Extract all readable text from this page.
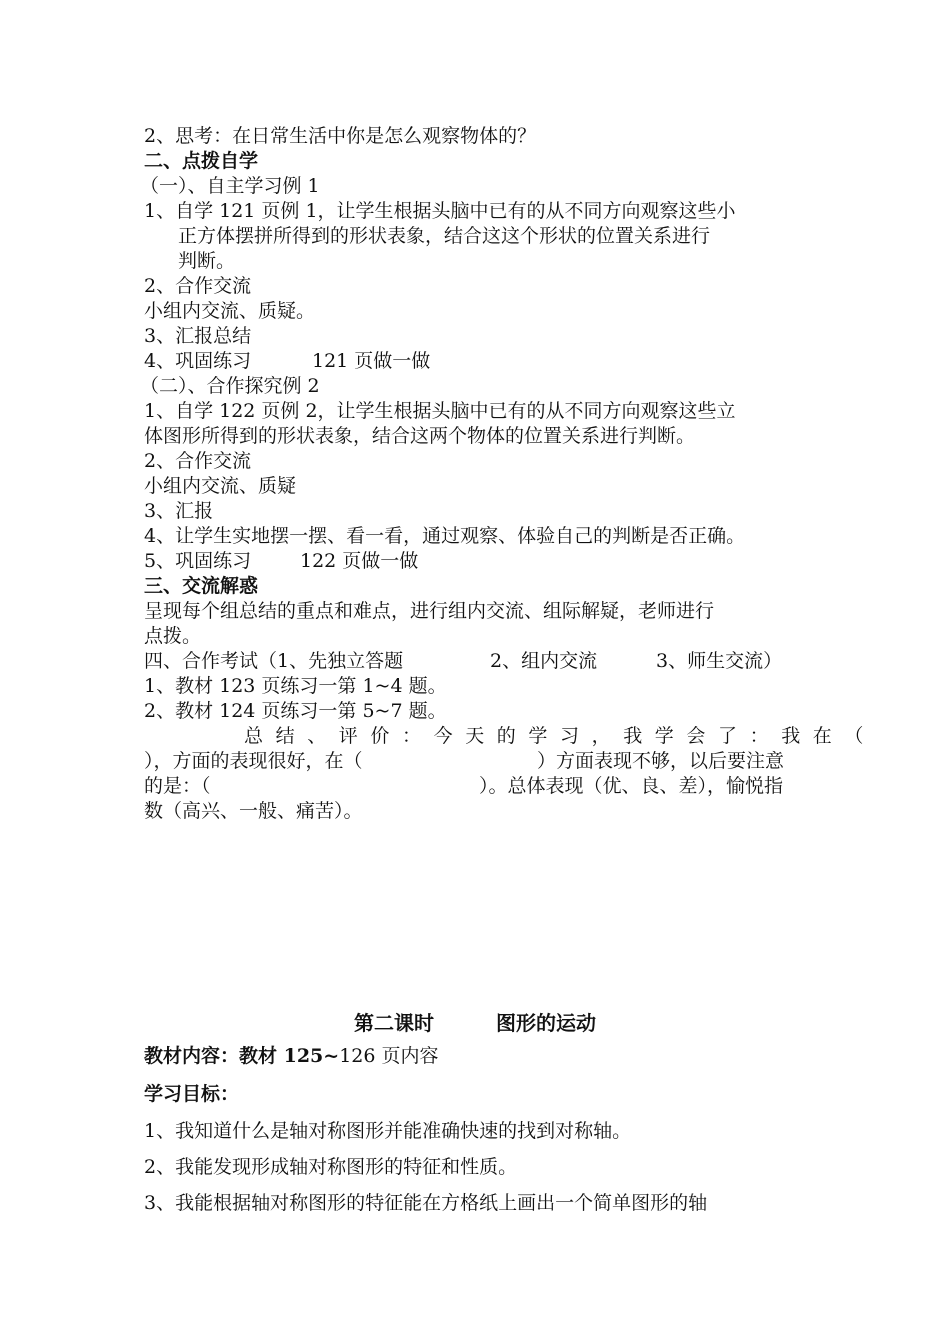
2、思考：在日常生活中你是怎么观察物体的？
二、点拨自学
（一）、自主学习例 1
1、自学 121 页例 1，让学生根据头脑中已有的从不同方向观察这些小
正方体摆拼所得到的形状表象，结合这这个形状的位置关系进行
判断。
2、合作交流
小组内交流、质疑。
3、汇报总结
4、巩固练习	121 页做一做
（二）、合作探究例 2
1、自学 122 页例 2，让学生根据头脑中已有的从不同方向观察这些立
体图形所得到的形状表象，结合这两个物体的位置关系进行判断。
2、合作交流
小组内交流、质疑
3、汇报
4、让学生实地摆一摆、看一看，通过观察、体验自己的判断是否正确。
5、巩固练习	122 页做一做
三、交流解惑
呈现每个组总结的重点和难点，进行组内交流、组际解疑，老师进行
点拨。
四、合作考试（1、先独立答题	2、组内交流	3、师生交流）
1、教材 123 页练习一第 1~4 题。
2、教材 124 页练习一第 5~7 题。
总结、评价：今天的学习，我学会了：我在（
），方面的表现很好，在（	）方面表现不够，以后要注意
的是：（	）。总体表现（优、良、差），愉悦指
数（高兴、一般、痛苦）。
第二课时	图形的运动
教材内容：教材 125~126 页内容
学习目标：
1、我知道什么是轴对称图形并能准确快速的找到对称轴。
2、我能发现形成轴对称图形的特征和性质。
3、我能根据轴对称图形的特征能在方格纸上画出一个简单图形的轴
